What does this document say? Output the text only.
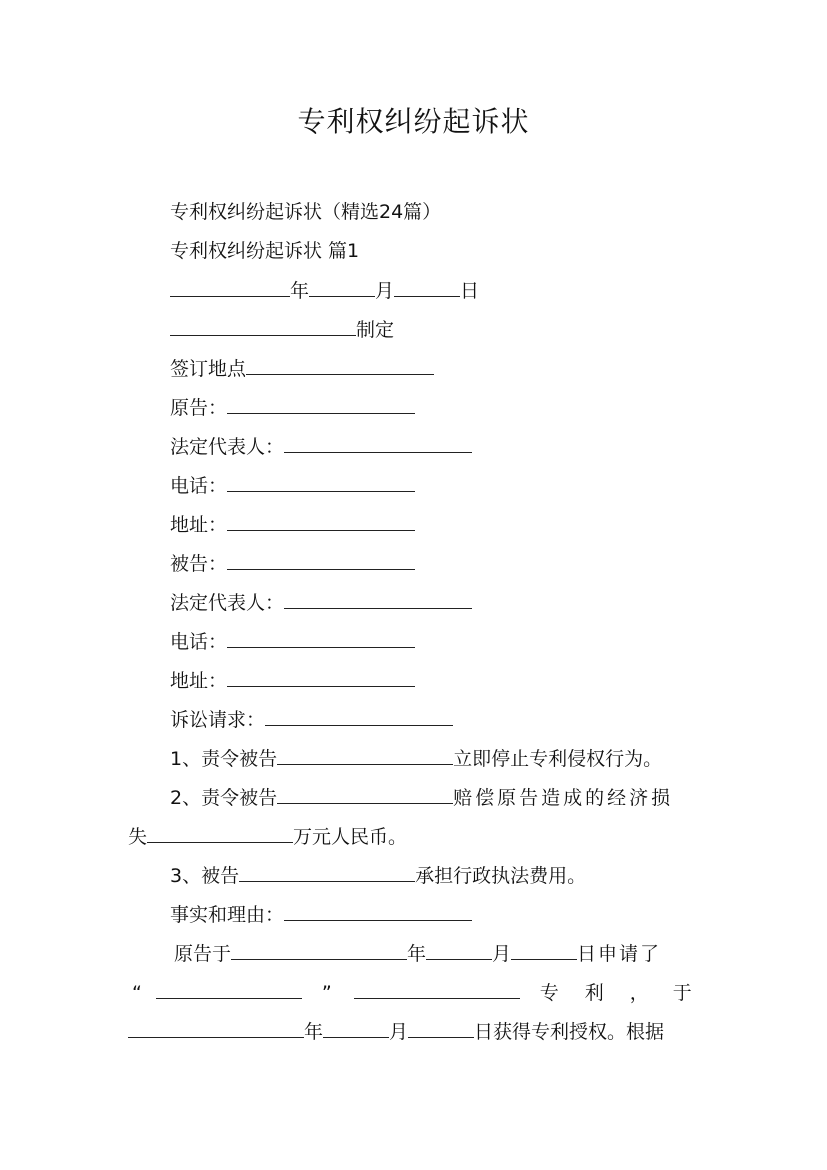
专利权纠纷起诉状
专利权纠纷起诉状（精选24篇）
专利权纠纷起诉状 篇1
年	月	日
制定
签订地点
原告：
法定代表人：
电话：
地址：
被告：
法定代表人：
电话：
地址：
诉讼请求：
1、责令被告	立即停止专利侵权行为。
2、责令被告	赔偿原告造成的经济损
失	万元人民币。
3、被告	承担行政执法费用。
事实和理由：
原告于	年	月	日申请了
“	”	专 利 ， 于
年	月	日获得专利授权。根据
